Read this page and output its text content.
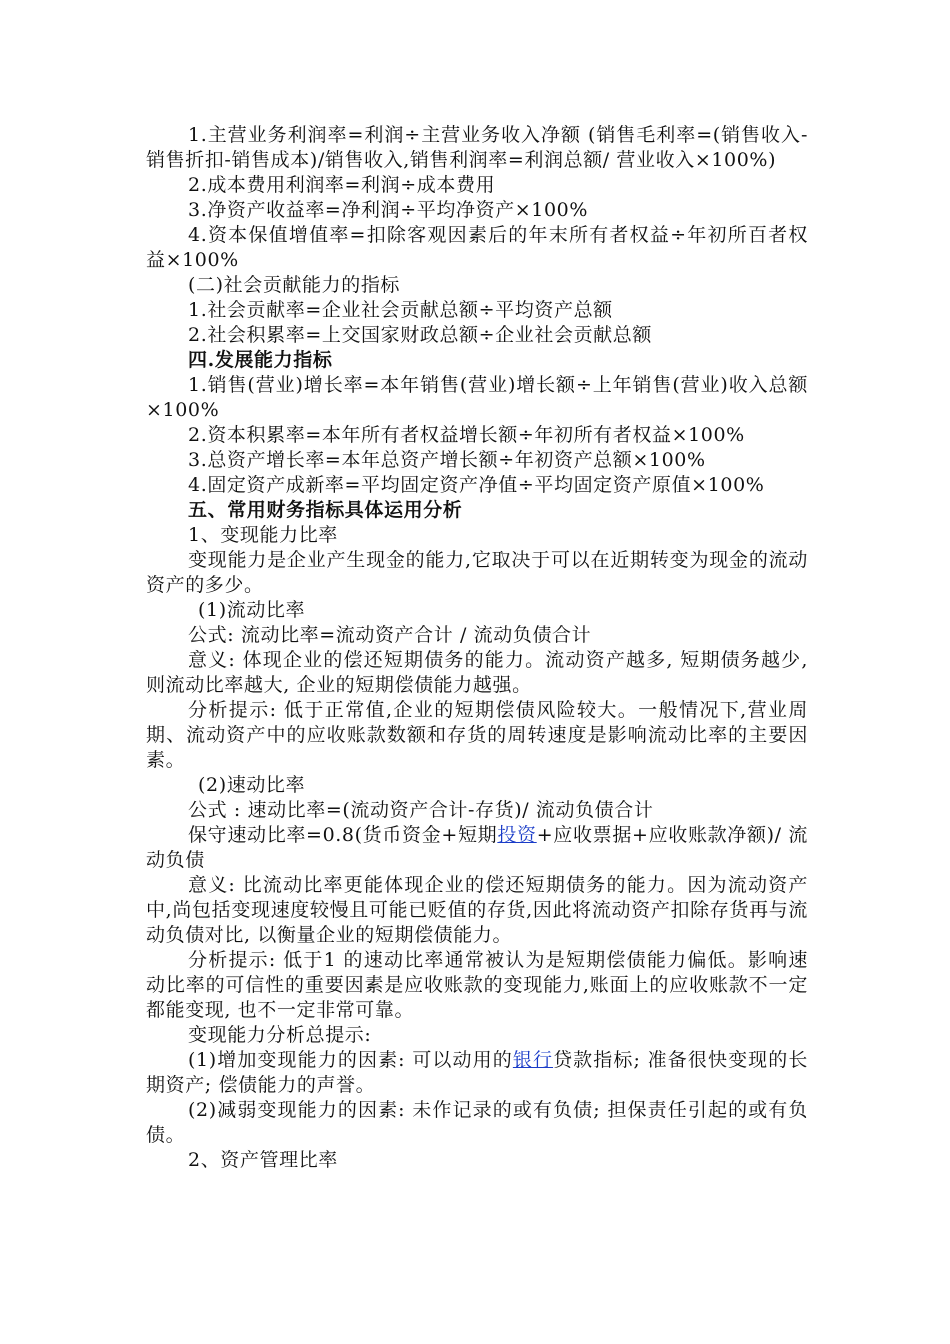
1.主营业务利润率=利润÷主营业务收入净额 (销售毛利率=(销售收入-销售折扣-销售成本)/销售收入,销售利润率=利润总额/ 营业收入×100%)

2.成本费用利润率=利润÷成本费用

3.净资产收益率=净利润÷平均净资产×100%

4.资本保值增值率=扣除客观因素后的年末所有者权益÷年初所百者权益×100%

(二)社会贡献能力的指标

1.社会贡献率=企业社会贡献总额÷平均资产总额

2.社会积累率=上交国家财政总额÷企业社会贡献总额

四.发展能力指标

1.销售(营业)增长率=本年销售(营业)增长额÷上年销售(营业)收入总额×100%

2.资本积累率=本年所有者权益增长额÷年初所有者权益×100%

3.总资产增长率=本年总资产增长额÷年初资产总额×100%

4.固定资产成新率=平均固定资产净值÷平均固定资产原值×100%

五、常用财务指标具体运用分析

1、变现能力比率

变现能力是企业产生现金的能力,它取决于可以在近期转变为现金的流动资产的多少。

(1)流动比率

公式: 流动比率=流动资产合计 / 流动负债合计

意义: 体现企业的偿还短期债务的能力。流动资产越多, 短期债务越少, 则流动比率越大, 企业的短期偿债能力越强。

分析提示: 低于正常值,企业的短期偿债风险较大。一般情况下,营业周期、流动资产中的应收账款数额和存货的周转速度是影响流动比率的主要因素。

(2)速动比率

公式 : 速动比率=(流动资产合计-存货)/ 流动负债合计

保守速动比率=0.8(货币资金+短期投资+应收票据+应收账款净额)/ 流动负债

意义: 比流动比率更能体现企业的偿还短期债务的能力。因为流动资产中,尚包括变现速度较慢且可能已贬值的存货,因此将流动资产扣除存货再与流动负债对比, 以衡量企业的短期偿债能力。

分析提示: 低于1 的速动比率通常被认为是短期偿债能力偏低。影响速动比率的可信性的重要因素是应收账款的变现能力,账面上的应收账款不一定都能变现, 也不一定非常可靠。

变现能力分析总提示:

(1)增加变现能力的因素: 可以动用的银行贷款指标; 准备很快变现的长期资产; 偿债能力的声誉。

(2)减弱变现能力的因素: 未作记录的或有负债; 担保责任引起的或有负债。

2、资产管理比率
